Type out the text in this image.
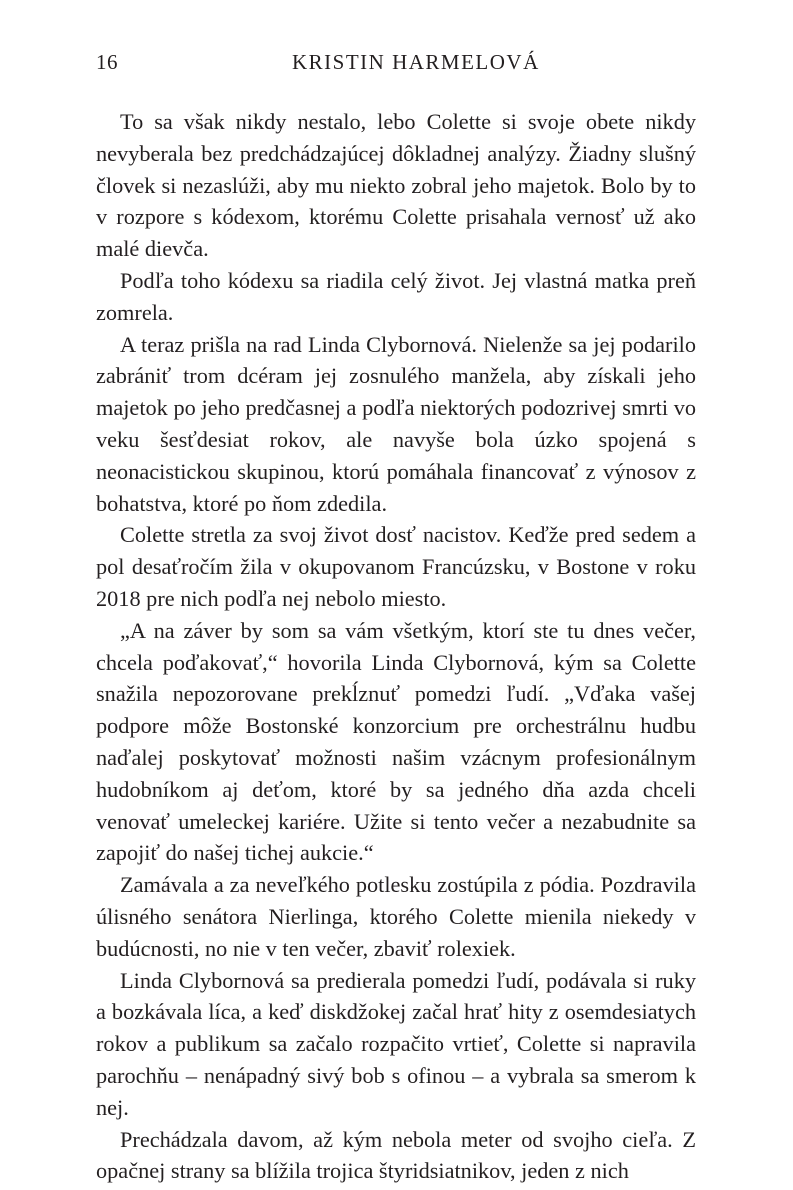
16	KRISTIN HARMELOVÁ

To sa však nikdy nestalo, lebo Colette si svoje obete nikdy nevyberala bez predchádzajúcej dôkladnej analýzy. Žiadny slušný človek si nezaslúži, aby mu niekto zobral jeho majetok. Bolo by to v rozpore s kódexom, ktorému Colette prisahala vernosť už ako malé dievča.

Podľa toho kódexu sa riadila celý život. Jej vlastná matka preň zomrela.

A teraz prišla na rad Linda Clybornová. Nielenže sa jej podarilo zabrániť trom dcéram jej zosnulého manžela, aby získali jeho majetok po jeho predčasnej a podľa niektorých podozrivej smrti vo veku šesťdesiat rokov, ale navyše bola úzko spojená s neonacistickou skupinou, ktorú pomáhala financovať z výnosov z bohatstva, ktoré po ňom zdedila.

Colette stretla za svoj život dosť nacistov. Keďže pred sedem a pol desaťročím žila v okupovanom Francúzsku, v Bostone v roku 2018 pre nich podľa nej nebolo miesto.

„A na záver by som sa vám všetkým, ktorí ste tu dnes večer, chcela poďakovať,“ hovorila Linda Clybornová, kým sa Colette snažila nepozorovane prekĺznuť pomedzi ľudí. „Vďaka vašej podpore môže Bostonské konzorcium pre orchestrálnu hudbu naďalej poskytovať možnosti našim vzácnym profesionálnym hudobníkom aj deťom, ktoré by sa jedného dňa azda chceli venovať umeleckej kariére. Užite si tento večer a nezabudnite sa zapojiť do našej tichej aukcie.“

Zamávala a za neveľkého potlesku zostúpila z pódia. Pozdravila úlisného senátora Nierlinga, ktorého Colette mienila niekedy v budúcnosti, no nie v ten večer, zbaviť rolexiek.

Linda Clybornová sa predierala pomedzi ľudí, podávala si ruky a bozkávala líca, a keď diskdžokej začal hrať hity z osemdesiatych rokov a publikum sa začalo rozpačito vrtieť, Colette si napravila parochňu – nenápadný sivý bob s ofinou – a vybrala sa smerom k nej.

Prechádzala davom, až kým nebola meter od svojho cieľa. Z opačnej strany sa blížila trojica štyridsiatnikov, jeden z nich
